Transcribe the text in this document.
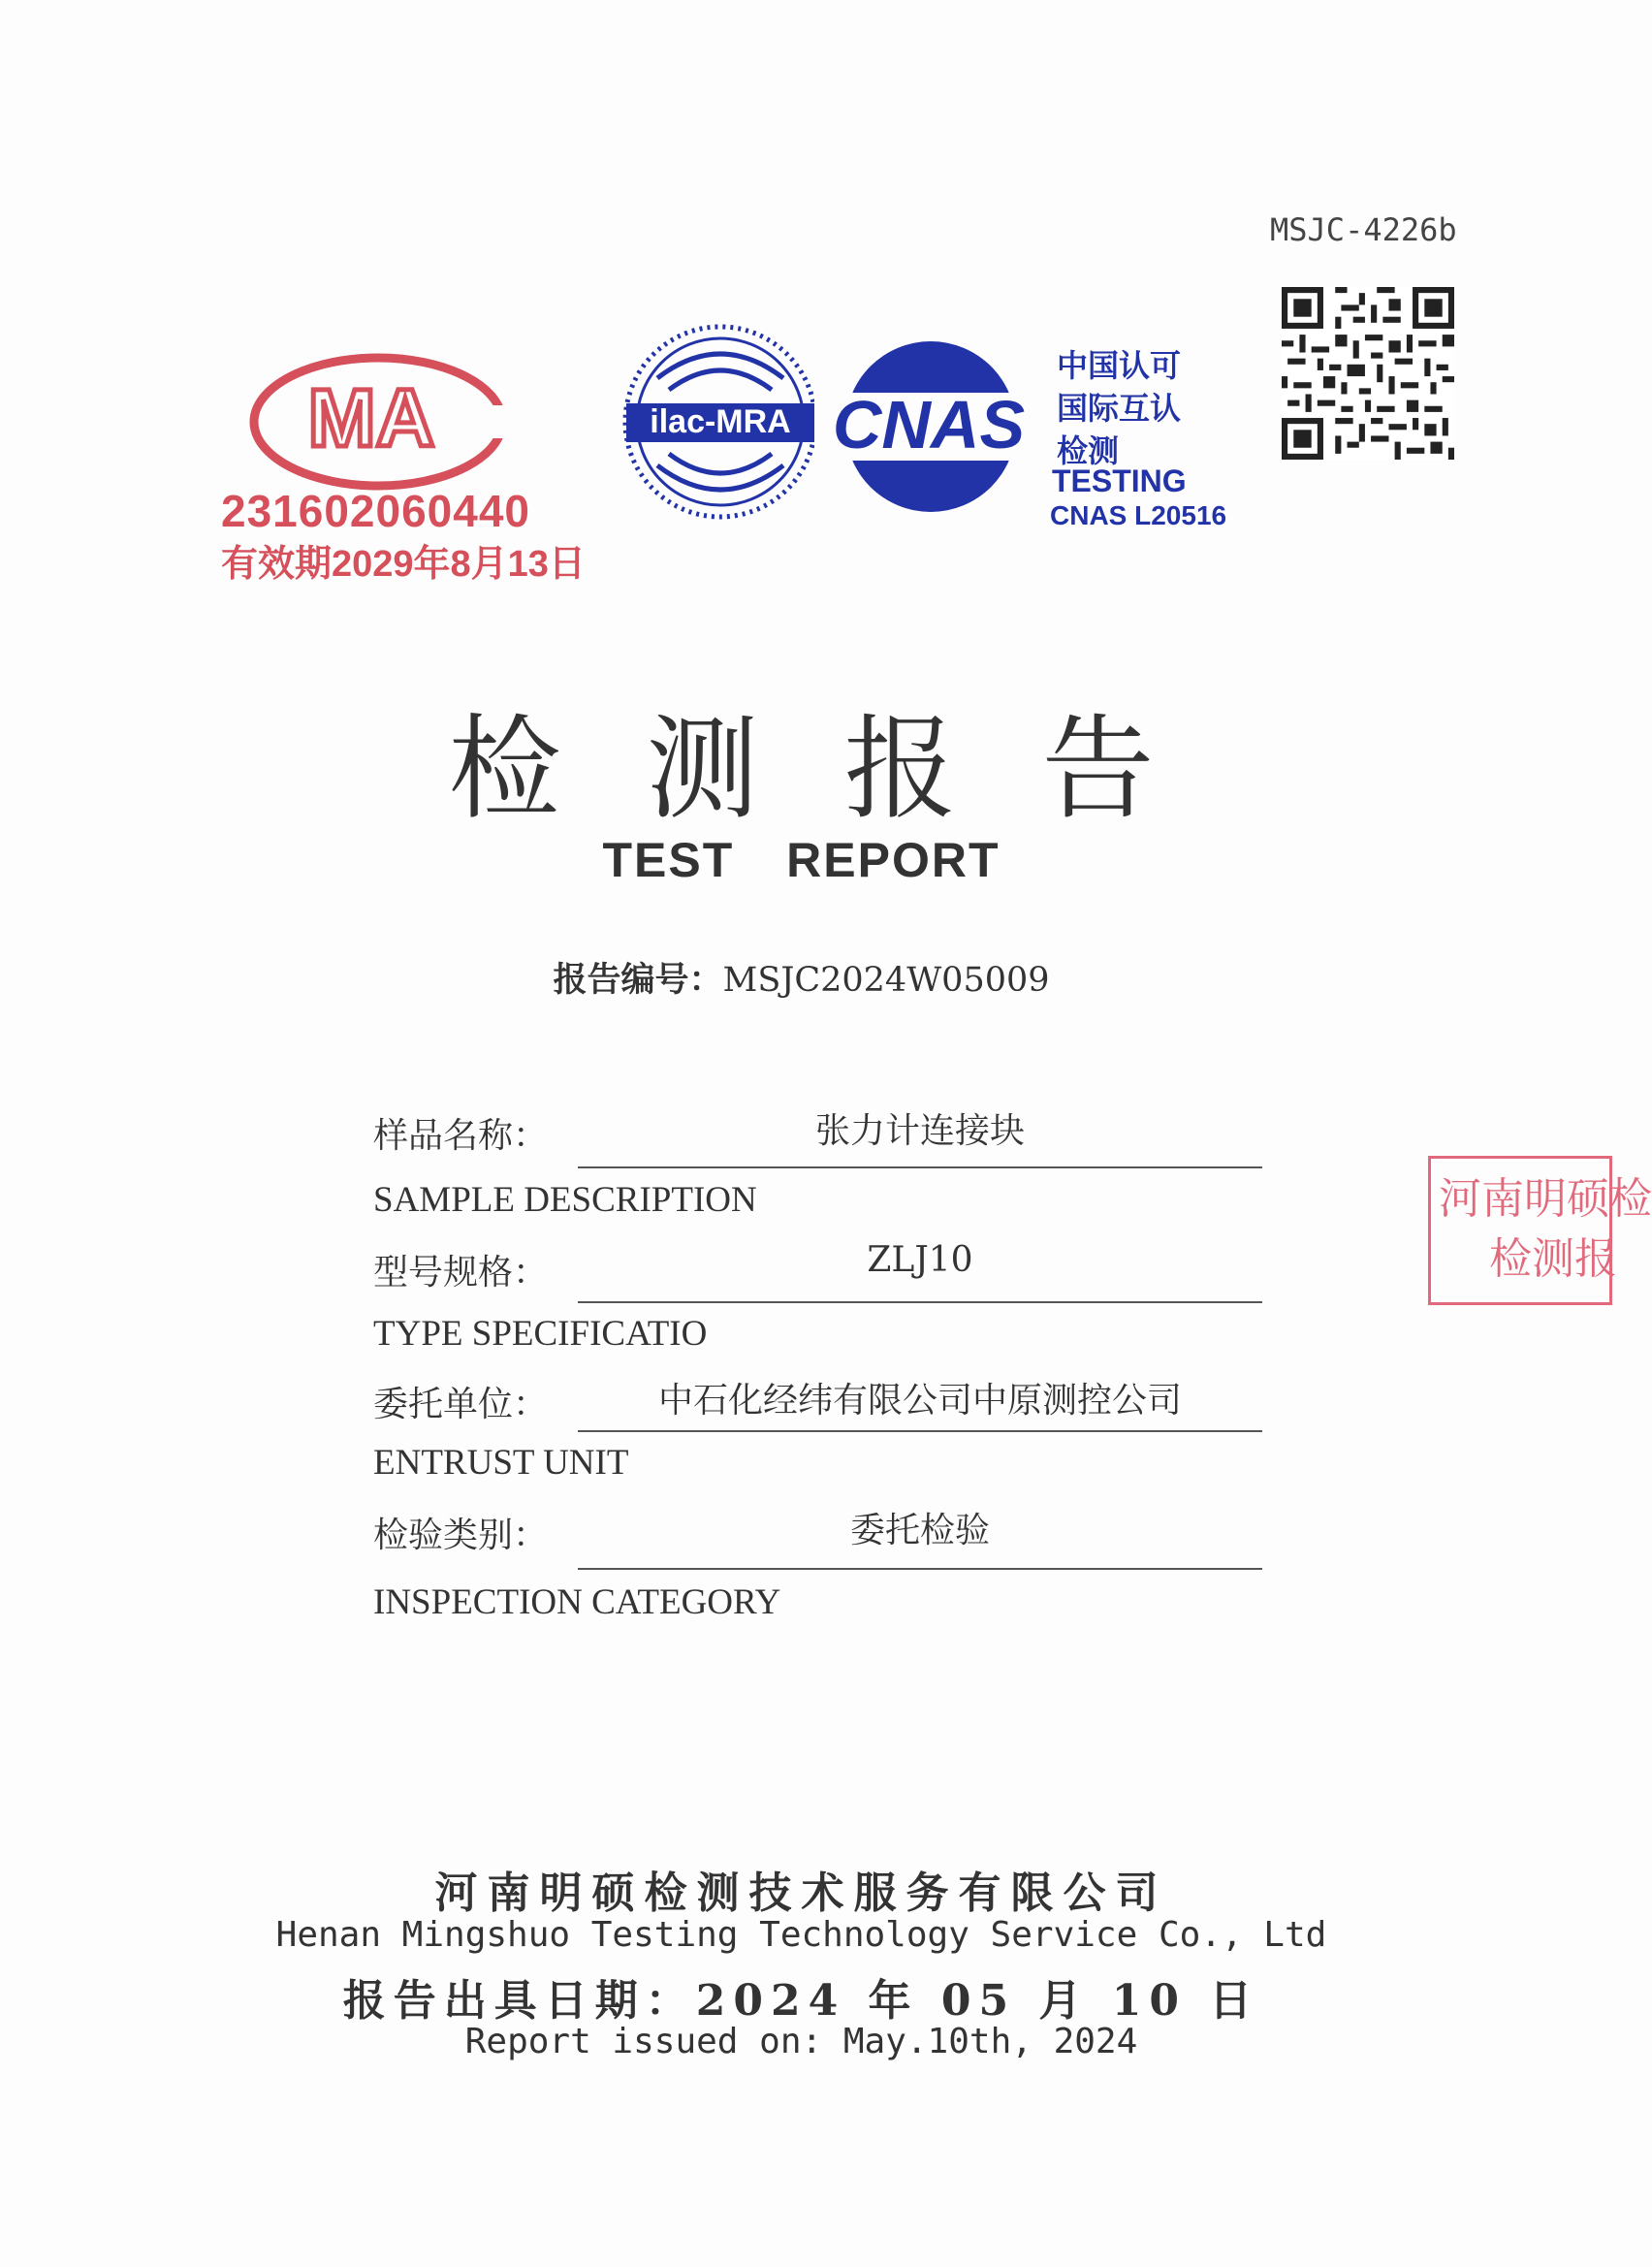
MSJC-4226b
MA
231602060440
有效期2029年8月13日
ilac-MRA CNAS
中国认可
国际互认
检测
TESTING
CNAS L20516
检测报告
TEST REPORT
报告编号：MSJC2024W05009
样品名称：	张力计连接块
SAMPLE DESCRIPTION
型号规格：	ZLJ10
TYPE SPECIFICATIO
委托单位：	中石化经纬有限公司中原测控公司
ENTRUST UNIT
检验类别：	委托检验
INSPECTION CATEGORY
河南明硕检
检测报
河南明硕检测技术服务有限公司
Henan Mingshuo Testing Technology Service Co., Ltd
报告出具日期：2024 年 05 月 10 日
Report issued on: May.10th, 2024
